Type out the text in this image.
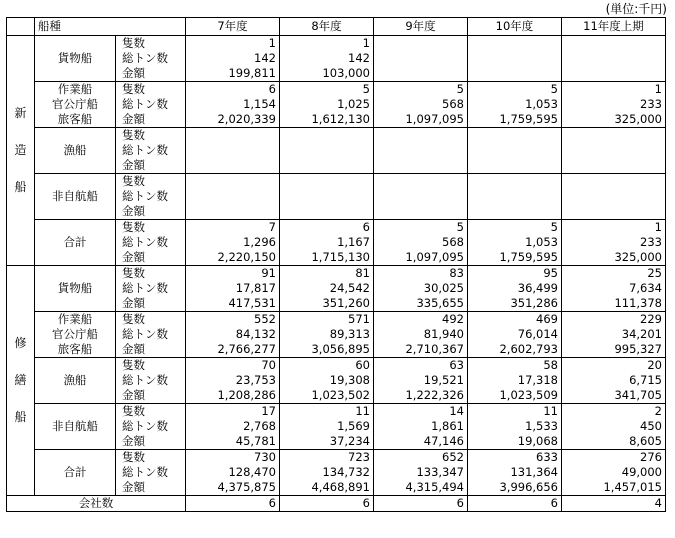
(単位:千円)
	船種		7年度	8年度	9年度	10年度	11年度上期

新
造
船	貨物船	隻数	1	1			
		総トン数	142	142			
		金額	199,811	103,000			

	作業船
官公庁船
旅客船	隻数	6	5	5	5	1
		総トン数	1,154	1,025	568	1,053	233
		金額	2,020,339	1,612,130	1,097,095	1,759,595	325,000

	漁船	隻数					
		総トン数					
		金額					

	非自航船	隻数					
		総トン数					
		金額					

	合計	隻数	7	6	5	5	1
		総トン数	1,296	1,167	568	1,053	233
		金額	2,220,150	1,715,130	1,097,095	1,759,595	325,000

修
繕
船	貨物船	隻数	91	81	83	95	25
		総トン数	17,817	24,542	30,025	36,499	7,634
		金額	417,531	351,260	335,655	351,286	111,378

	作業船
官公庁船
旅客船	隻数	552	571	492	469	229
		総トン数	84,132	89,313	81,940	76,014	34,201
		金額	2,766,277	3,056,895	2,710,367	2,602,793	995,327

	漁船	隻数	70	60	63	58	20
		総トン数	23,753	19,308	19,521	17,318	6,715
		金額	1,208,286	1,023,502	1,222,326	1,023,509	341,705

	非自航船	隻数	17	11	14	11	2
		総トン数	2,768	1,569	1,861	1,533	450
		金額	45,781	37,234	47,146	19,068	8,605

	合計	隻数	730	723	652	633	276
		総トン数	128,470	134,732	133,347	131,364	49,000
		金額	4,375,875	4,468,891	4,315,494	3,996,656	1,457,015
会社数			6	6	6	6	4
